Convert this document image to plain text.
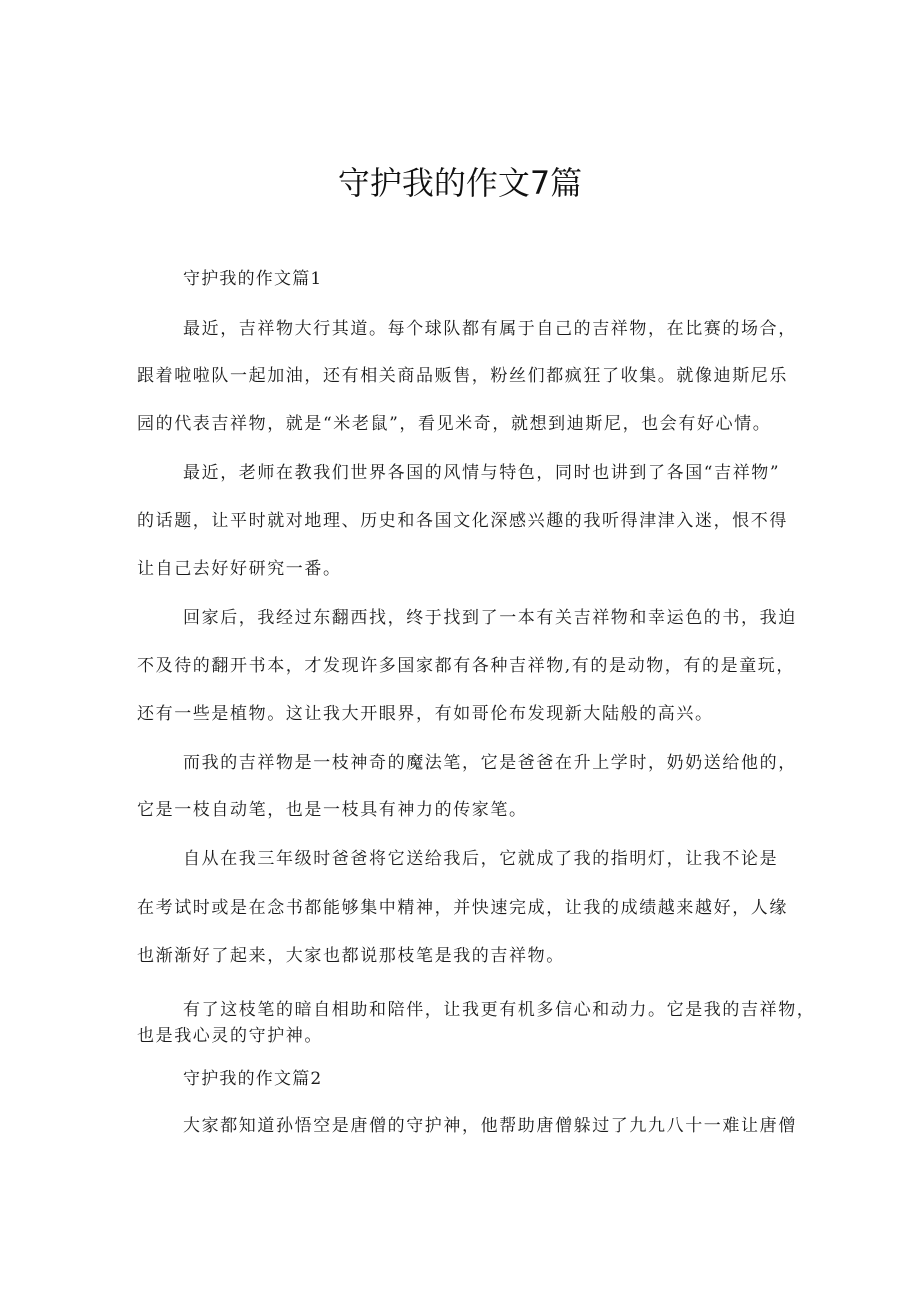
守护我的作文7篇
守护我的作文篇1
最近，吉祥物大行其道。每个球队都有属于自己的吉祥物，在比赛的场合，
跟着啦啦队一起加油，还有相关商品贩售，粉丝们都疯狂了收集。就像迪斯尼乐
园的代表吉祥物，就是“米老鼠”，看见米奇，就想到迪斯尼，也会有好心情。
最近，老师在教我们世界各国的风情与特色，同时也讲到了各国“吉祥物”
的话题，让平时就对地理、历史和各国文化深感兴趣的我听得津津入迷，恨不得
让自己去好好研究一番。
回家后，我经过东翻西找，终于找到了一本有关吉祥物和幸运色的书，我迫
不及待的翻开书本，才发现许多国家都有各种吉祥物,有的是动物，有的是童玩，
还有一些是植物。这让我大开眼界，有如哥伦布发现新大陆般的高兴。
而我的吉祥物是一枝神奇的魔法笔，它是爸爸在升上学时，奶奶送给他的，
它是一枝自动笔，也是一枝具有神力的传家笔。
自从在我三年级时爸爸将它送给我后，它就成了我的指明灯，让我不论是
在考试时或是在念书都能够集中精神，并快速完成，让我的成绩越来越好，人缘
也渐渐好了起来，大家也都说那枝笔是我的吉祥物。
有了这枝笔的暗自相助和陪伴，让我更有机多信心和动力。它是我的吉祥物，
也是我心灵的守护神。
守护我的作文篇2
大家都知道孙悟空是唐僧的守护神，他帮助唐僧躲过了九九八十一难让唐僧
